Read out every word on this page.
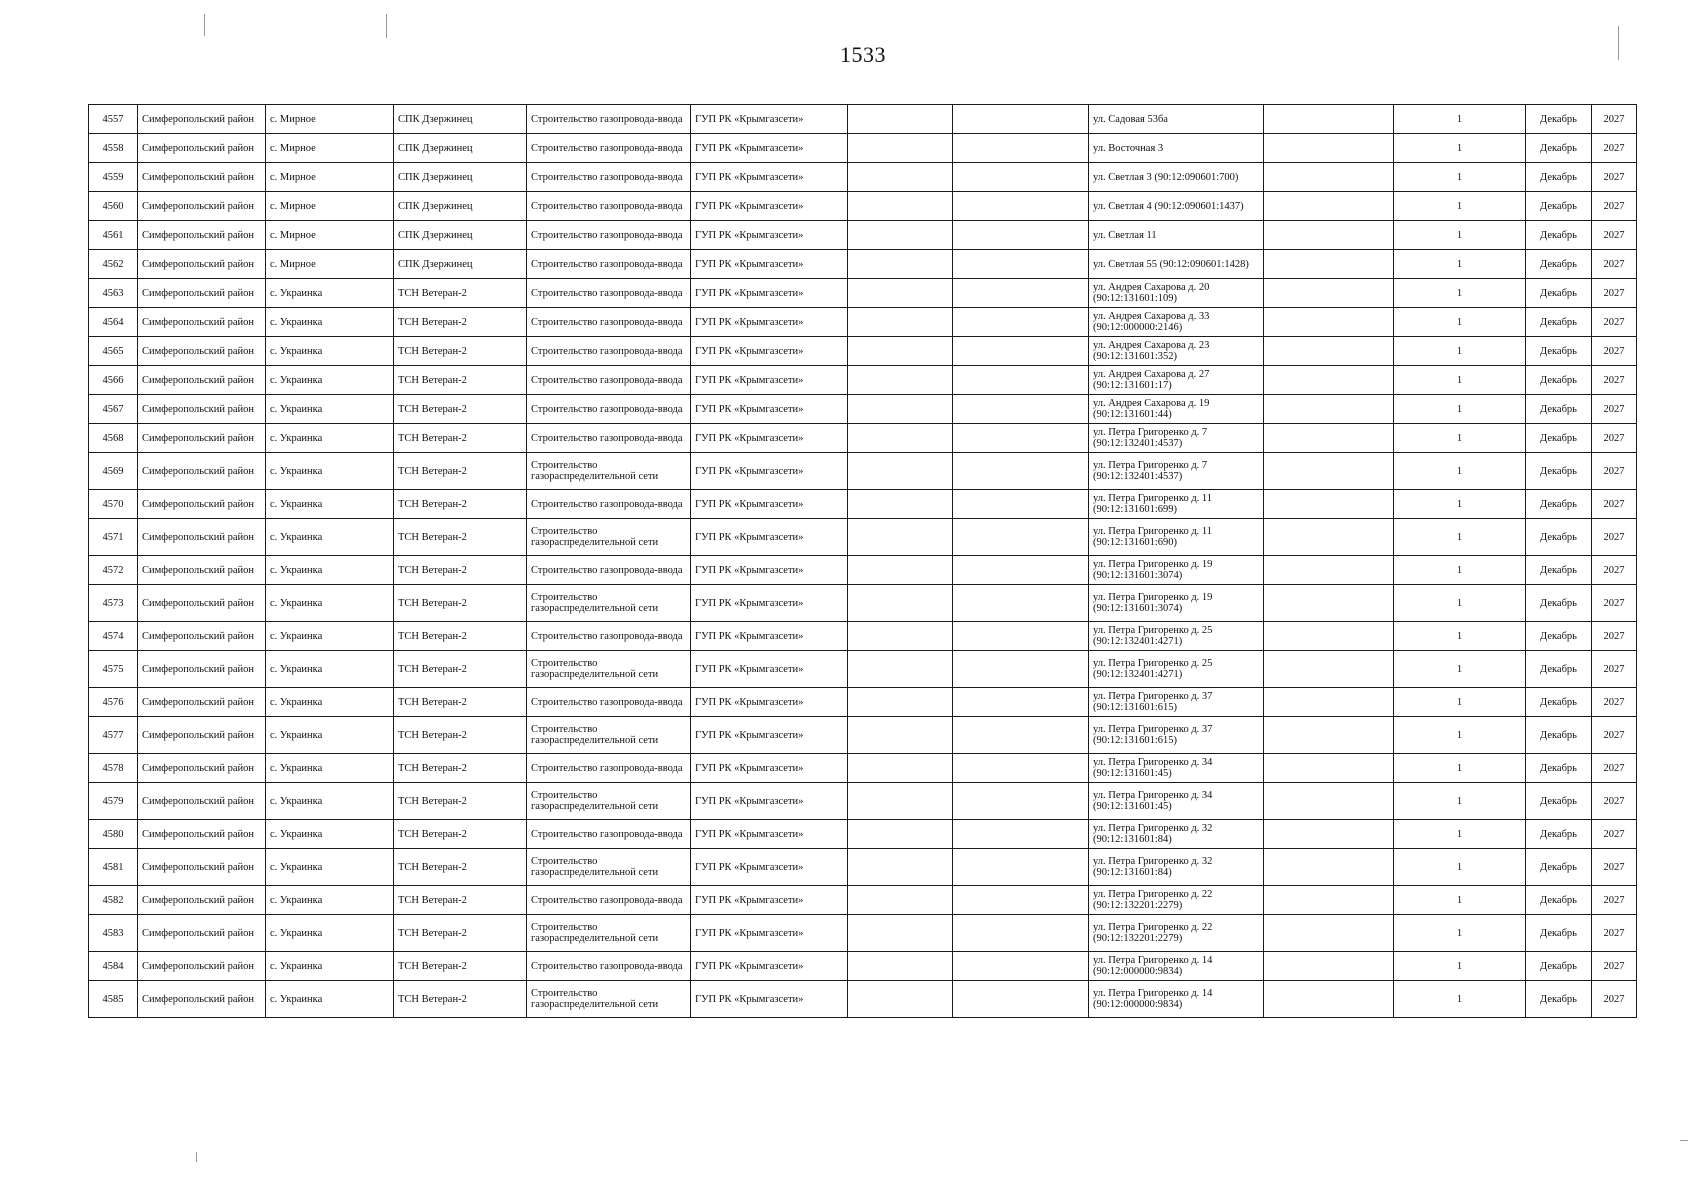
1533
4557	Симферопольский район	с. Мирное	СПК Дзержинец	Строительство газопровода-ввода	ГУП РК «Крымгазсети»			ул. Садовая 53бa		1	Декабрь	2027
4558	Симферопольский район	с. Мирное	СПК Дзержинец	Строительство газопровода-ввода	ГУП РК «Крымгазсети»			ул. Восточная 3		1	Декабрь	2027
4559	Симферопольский район	с. Мирное	СПК Дзержинец	Строительство газопровода-ввода	ГУП РК «Крымгазсети»			ул. Светлая 3 (90:12:090601:700)		1	Декабрь	2027
4560	Симферопольский район	с. Мирное	СПК Дзержинец	Строительство газопровода-ввода	ГУП РК «Крымгазсети»			ул. Светлая 4 (90:12:090601:1437)		1	Декабрь	2027
4561	Симферопольский район	с. Мирное	СПК Дзержинец	Строительство газопровода-ввода	ГУП РК «Крымгазсети»			ул. Светлая 11		1	Декабрь	2027
4562	Симферопольский район	с. Мирное	СПК Дзержинец	Строительство газопровода-ввода	ГУП РК «Крымгазсети»			ул. Светлая 55 (90:12:090601:1428)		1	Декабрь	2027
4563	Симферопольский район	с. Украинка	ТСН Ветеран-2	Строительство газопровода-ввода	ГУП РК «Крымгазсети»			ул. Андрея Сахарова д. 20 (90:12:131601:109)		1	Декабрь	2027
4564	Симферопольский район	с. Украинка	ТСН Ветеран-2	Строительство газопровода-ввода	ГУП РК «Крымгазсети»			ул. Андрея Сахарова д. 33 (90:12:000000:2146)		1	Декабрь	2027
4565	Симферопольский район	с. Украинка	ТСН Ветеран-2	Строительство газопровода-ввода	ГУП РК «Крымгазсети»			ул. Андрея Сахарова д. 23 (90:12:131601:352)		1	Декабрь	2027
4566	Симферопольский район	с. Украинка	ТСН Ветеран-2	Строительство газопровода-ввода	ГУП РК «Крымгазсети»			ул. Андрея Сахарова д. 27 (90:12:131601:17)		1	Декабрь	2027
4567	Симферопольский район	с. Украинка	ТСН Ветеран-2	Строительство газопровода-ввода	ГУП РК «Крымгазсети»			ул. Андрея Сахарова д. 19 (90:12:131601:44)		1	Декабрь	2027
4568	Симферопольский район	с. Украинка	ТСН Ветеран-2	Строительство газопровода-ввода	ГУП РК «Крымгазсети»			ул. Петра Григоренко д. 7 (90:12:132401:4537)		1	Декабрь	2027
4569	Симферопольский район	с. Украинка	ТСН Ветеран-2	Строительство газораспределительной сети	ГУП РК «Крымгазсети»			ул. Петра Григоренко д. 7 (90:12:132401:4537)		1	Декабрь	2027
4570	Симферопольский район	с. Украинка	ТСН Ветеран-2	Строительство газопровода-ввода	ГУП РК «Крымгазсети»			ул. Петра Григоренко д. 11 (90:12:131601:699)		1	Декабрь	2027
4571	Симферопольский район	с. Украинка	ТСН Ветеран-2	Строительство газораспределительной сети	ГУП РК «Крымгазсети»			ул. Петра Григоренко д. 11 (90:12:131601:690)		1	Декабрь	2027
4572	Симферопольский район	с. Украинка	ТСН Ветеран-2	Строительство газопровода-ввода	ГУП РК «Крымгазсети»			ул. Петра Григоренко д. 19 (90:12:131601:3074)		1	Декабрь	2027
4573	Симферопольский район	с. Украинка	ТСН Ветеран-2	Строительство газораспределительной сети	ГУП РК «Крымгазсети»			ул. Петра Григоренко д. 19 (90:12:131601:3074)		1	Декабрь	2027
4574	Симферопольский район	с. Украинка	ТСН Ветеран-2	Строительство газопровода-ввода	ГУП РК «Крымгазсети»			ул. Петра Григоренко д. 25 (90:12:132401:4271)		1	Декабрь	2027
4575	Симферопольский район	с. Украинка	ТСН Ветеран-2	Строительство газораспределительной сети	ГУП РК «Крымгазсети»			ул. Петра Григоренко д. 25 (90:12:132401:4271)		1	Декабрь	2027
4576	Симферопольский район	с. Украинка	ТСН Ветеран-2	Строительство газопровода-ввода	ГУП РК «Крымгазсети»			ул. Петра Григоренко д. 37 (90:12:131601:615)		1	Декабрь	2027
4577	Симферопольский район	с. Украинка	ТСН Ветеран-2	Строительство газораспределительной сети	ГУП РК «Крымгазсети»			ул. Петра Григоренко д. 37 (90:12:131601:615)		1	Декабрь	2027
4578	Симферопольский район	с. Украинка	ТСН Ветеран-2	Строительство газопровода-ввода	ГУП РК «Крымгазсети»			ул. Петра Григоренко д. 34 (90:12:131601:45)		1	Декабрь	2027
4579	Симферопольский район	с. Украинка	ТСН Ветеран-2	Строительство газораспределительной сети	ГУП РК «Крымгазсети»			ул. Петра Григоренко д. 34 (90:12:131601:45)		1	Декабрь	2027
4580	Симферопольский район	с. Украинка	ТСН Ветеран-2	Строительство газопровода-ввода	ГУП РК «Крымгазсети»			ул. Петра Григоренко д. 32 (90:12:131601:84)		1	Декабрь	2027
4581	Симферопольский район	с. Украинка	ТСН Ветеран-2	Строительство газораспределительной сети	ГУП РК «Крымгазсети»			ул. Петра Григоренко д. 32 (90:12:131601:84)		1	Декабрь	2027
4582	Симферопольский район	с. Украинка	ТСН Ветеран-2	Строительство газопровода-ввода	ГУП РК «Крымгазсети»			ул. Петра Григоренко д. 22 (90:12:132201:2279)		1	Декабрь	2027
4583	Симферопольский район	с. Украинка	ТСН Ветеран-2	Строительство газораспределительной сети	ГУП РК «Крымгазсети»			ул. Петра Григоренко д. 22 (90:12:132201:2279)		1	Декабрь	2027
4584	Симферопольский район	с. Украинка	ТСН Ветеран-2	Строительство газопровода-ввода	ГУП РК «Крымгазсети»			ул. Петра Григоренко д. 14 (90:12:000000:9834)		1	Декабрь	2027
4585	Симферопольский район	с. Украинка	ТСН Ветеран-2	Строительство газораспределительной сети	ГУП РК «Крымгазсети»			ул. Петра Григоренко д. 14 (90:12:000000:9834)		1	Декабрь	2027
